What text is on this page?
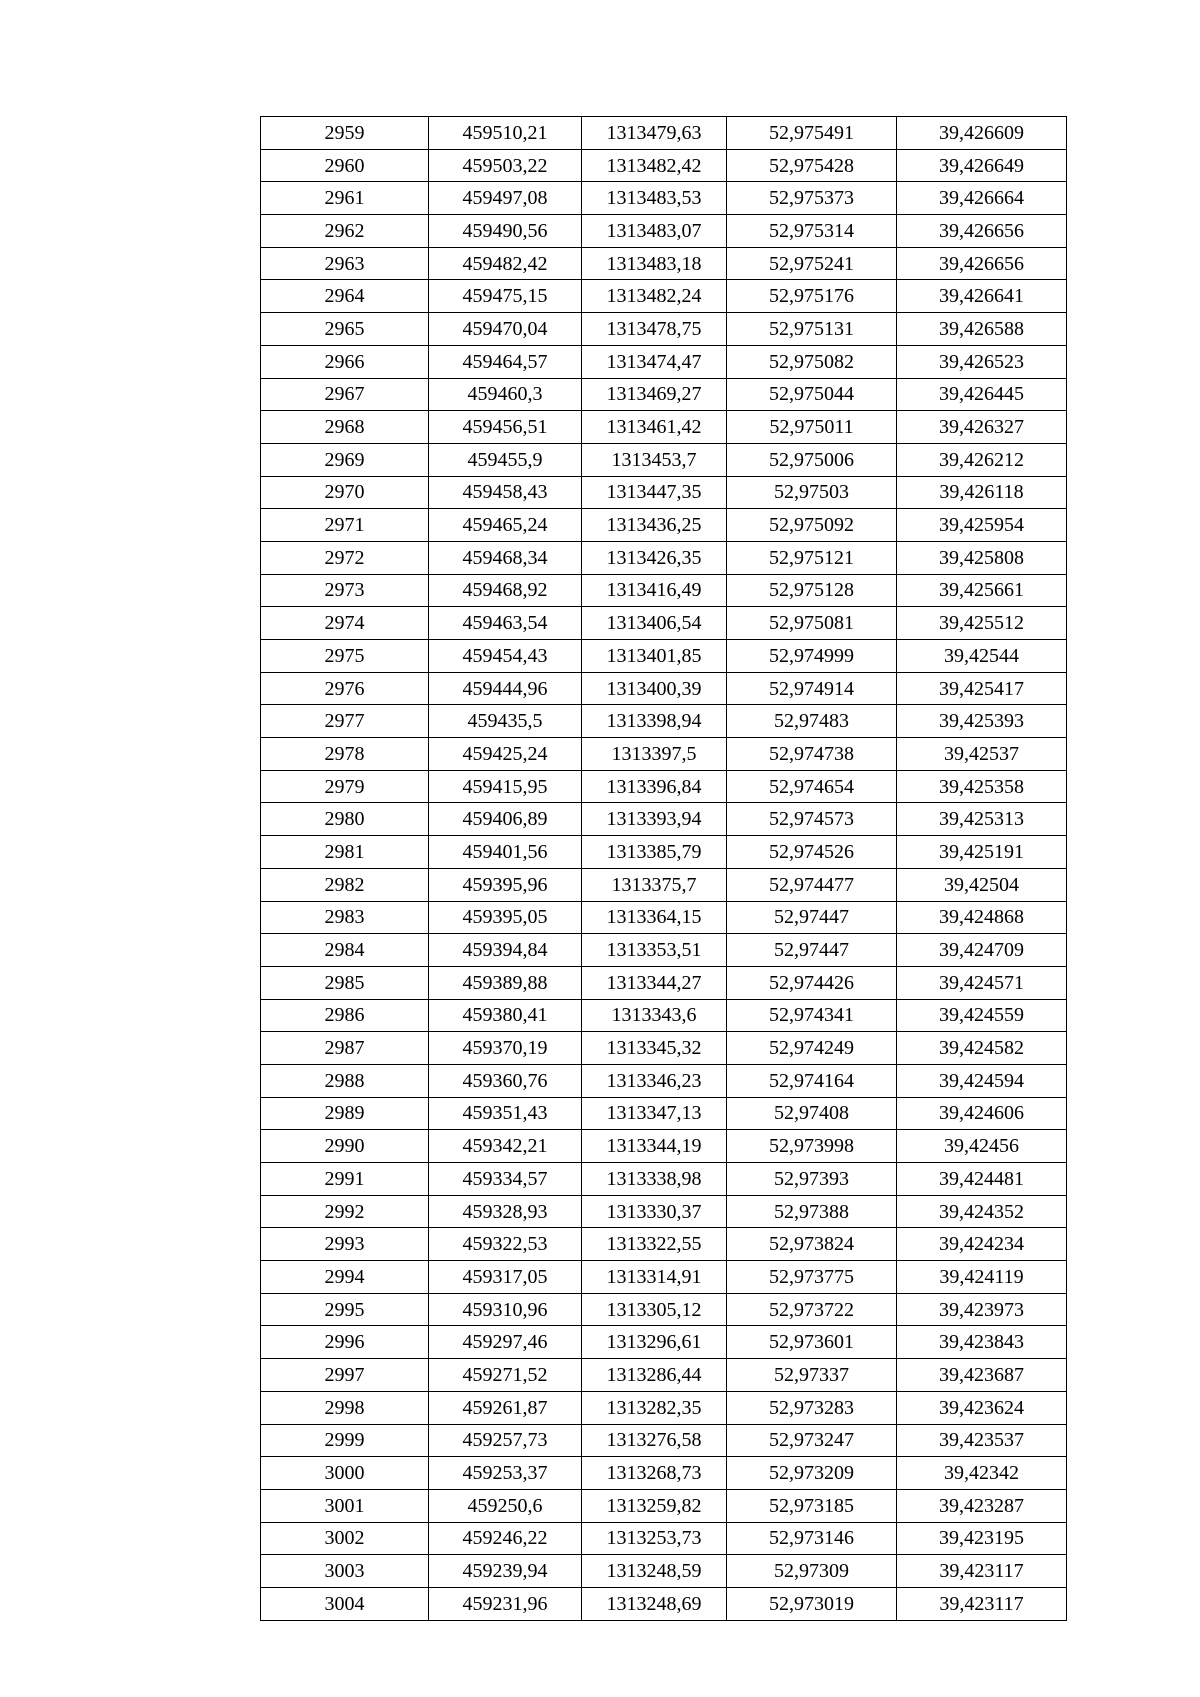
2959	459510,21	1313479,63	52,975491	39,426609
2960	459503,22	1313482,42	52,975428	39,426649
2961	459497,08	1313483,53	52,975373	39,426664
2962	459490,56	1313483,07	52,975314	39,426656
2963	459482,42	1313483,18	52,975241	39,426656
2964	459475,15	1313482,24	52,975176	39,426641
2965	459470,04	1313478,75	52,975131	39,426588
2966	459464,57	1313474,47	52,975082	39,426523
2967	459460,3	1313469,27	52,975044	39,426445
2968	459456,51	1313461,42	52,975011	39,426327
2969	459455,9	1313453,7	52,975006	39,426212
2970	459458,43	1313447,35	52,97503	39,426118
2971	459465,24	1313436,25	52,975092	39,425954
2972	459468,34	1313426,35	52,975121	39,425808
2973	459468,92	1313416,49	52,975128	39,425661
2974	459463,54	1313406,54	52,975081	39,425512
2975	459454,43	1313401,85	52,974999	39,42544
2976	459444,96	1313400,39	52,974914	39,425417
2977	459435,5	1313398,94	52,97483	39,425393
2978	459425,24	1313397,5	52,974738	39,42537
2979	459415,95	1313396,84	52,974654	39,425358
2980	459406,89	1313393,94	52,974573	39,425313
2981	459401,56	1313385,79	52,974526	39,425191
2982	459395,96	1313375,7	52,974477	39,42504
2983	459395,05	1313364,15	52,97447	39,424868
2984	459394,84	1313353,51	52,97447	39,424709
2985	459389,88	1313344,27	52,974426	39,424571
2986	459380,41	1313343,6	52,974341	39,424559
2987	459370,19	1313345,32	52,974249	39,424582
2988	459360,76	1313346,23	52,974164	39,424594
2989	459351,43	1313347,13	52,97408	39,424606
2990	459342,21	1313344,19	52,973998	39,42456
2991	459334,57	1313338,98	52,97393	39,424481
2992	459328,93	1313330,37	52,97388	39,424352
2993	459322,53	1313322,55	52,973824	39,424234
2994	459317,05	1313314,91	52,973775	39,424119
2995	459310,96	1313305,12	52,973722	39,423973
2996	459297,46	1313296,61	52,973601	39,423843
2997	459271,52	1313286,44	52,97337	39,423687
2998	459261,87	1313282,35	52,973283	39,423624
2999	459257,73	1313276,58	52,973247	39,423537
3000	459253,37	1313268,73	52,973209	39,42342
3001	459250,6	1313259,82	52,973185	39,423287
3002	459246,22	1313253,73	52,973146	39,423195
3003	459239,94	1313248,59	52,97309	39,423117
3004	459231,96	1313248,69	52,973019	39,423117
